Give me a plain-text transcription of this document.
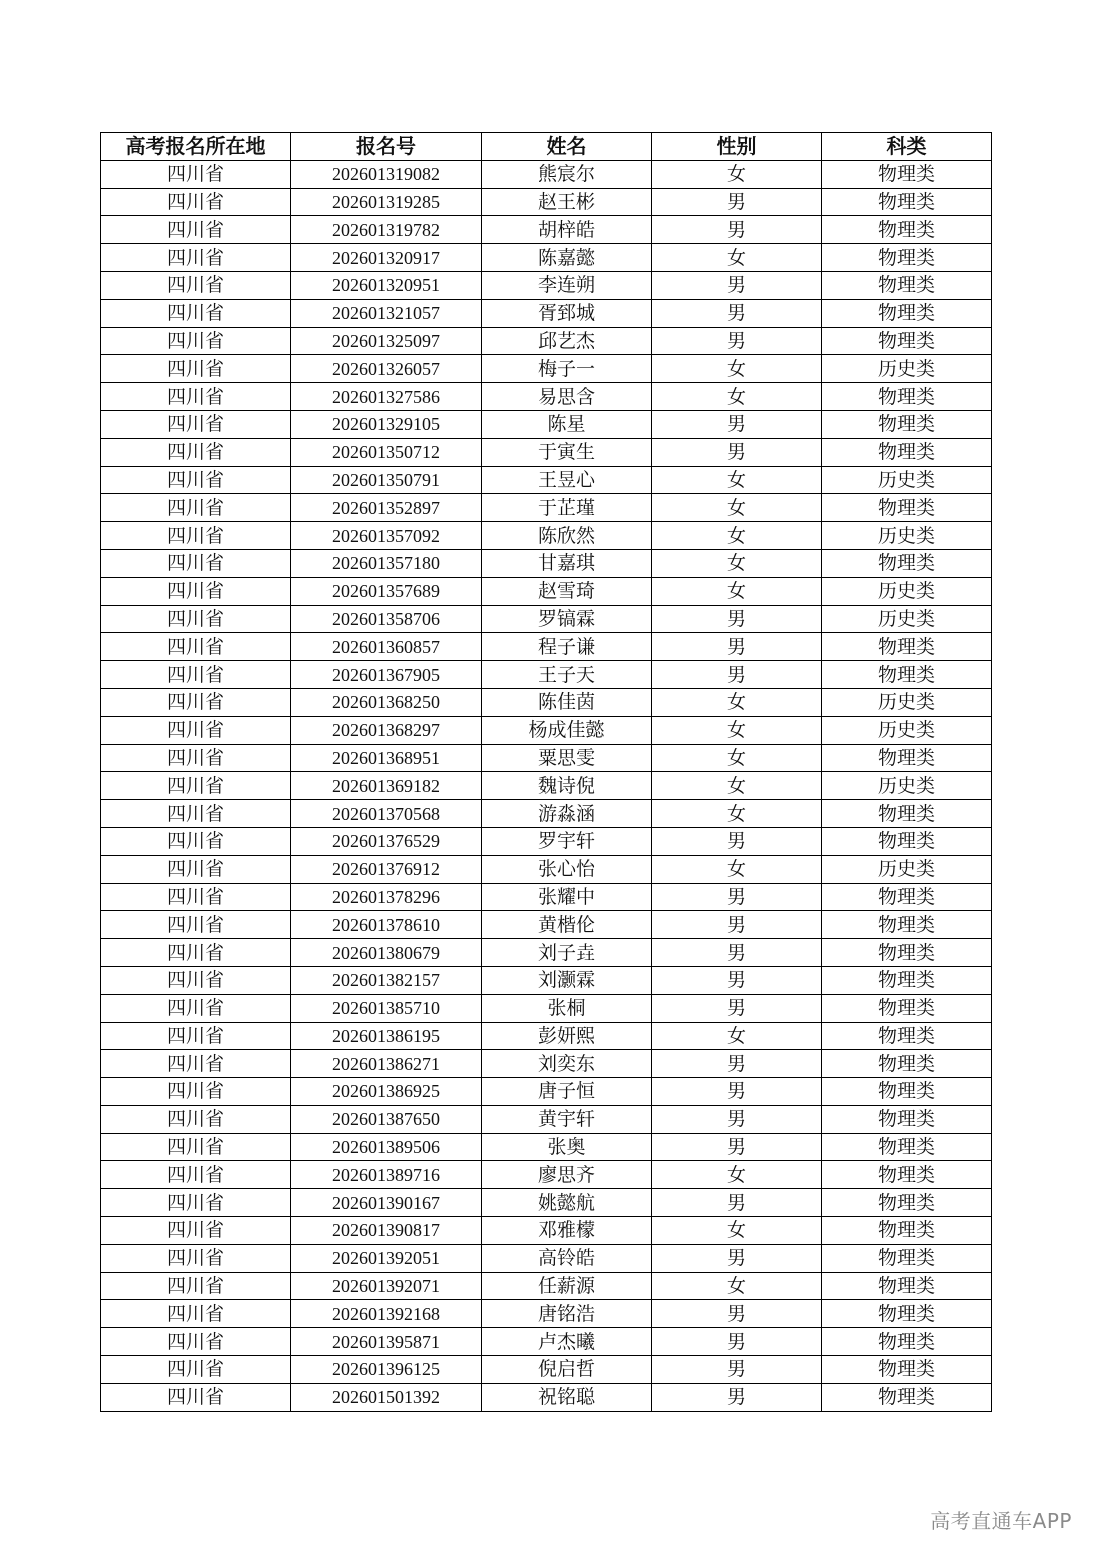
高考报名所在地	报名号	姓名	性别	科类
四川省	202601319082	熊宸尔	女	物理类
四川省	202601319285	赵王彬	男	物理类
四川省	202601319782	胡梓皓	男	物理类
四川省	202601320917	陈嘉懿	女	物理类
四川省	202601320951	李连朔	男	物理类
四川省	202601321057	胥郅城	男	物理类
四川省	202601325097	邱艺杰	男	物理类
四川省	202601326057	梅子一	女	历史类
四川省	202601327586	易思含	女	物理类
四川省	202601329105	陈星	男	物理类
四川省	202601350712	于寅生	男	物理类
四川省	202601350791	王昱心	女	历史类
四川省	202601352897	于芷瑾	女	物理类
四川省	202601357092	陈欣然	女	历史类
四川省	202601357180	甘嘉琪	女	物理类
四川省	202601357689	赵雪琦	女	历史类
四川省	202601358706	罗镐霖	男	历史类
四川省	202601360857	程子谦	男	物理类
四川省	202601367905	王子天	男	物理类
四川省	202601368250	陈佳茵	女	历史类
四川省	202601368297	杨成佳懿	女	历史类
四川省	202601368951	粟思雯	女	物理类
四川省	202601369182	魏诗倪	女	历史类
四川省	202601370568	游淼涵	女	物理类
四川省	202601376529	罗宇轩	男	物理类
四川省	202601376912	张心怡	女	历史类
四川省	202601378296	张耀中	男	物理类
四川省	202601378610	黄楷伦	男	物理类
四川省	202601380679	刘子垚	男	物理类
四川省	202601382157	刘灏霖	男	物理类
四川省	202601385710	张桐	男	物理类
四川省	202601386195	彭妍熙	女	物理类
四川省	202601386271	刘奕东	男	物理类
四川省	202601386925	唐子恒	男	物理类
四川省	202601387650	黄宇轩	男	物理类
四川省	202601389506	张奥	男	物理类
四川省	202601389716	廖思齐	女	物理类
四川省	202601390167	姚懿航	男	物理类
四川省	202601390817	邓雅檬	女	物理类
四川省	202601392051	高铃皓	男	物理类
四川省	202601392071	任薪源	女	物理类
四川省	202601392168	唐铭浩	男	物理类
四川省	202601395871	卢杰曦	男	物理类
四川省	202601396125	倪启哲	男	物理类
四川省	202601501392	祝铭聪	男	物理类
高考直通车APP
